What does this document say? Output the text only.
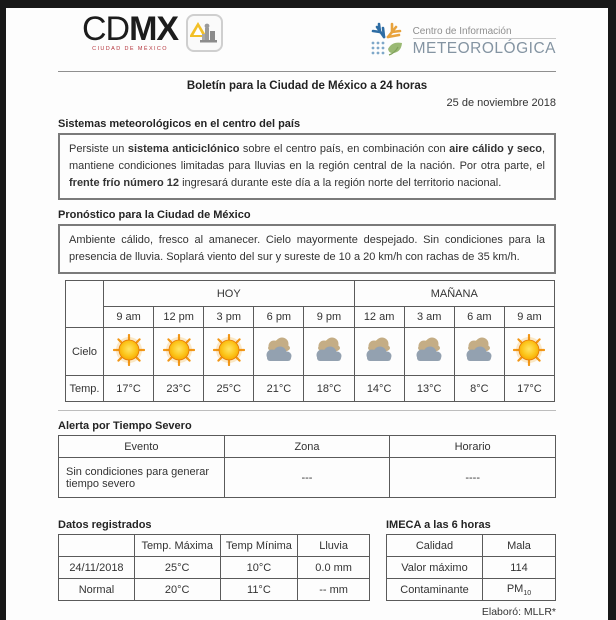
CDMX
CIUDAD DE MÉXICO
Centro de Información
METEOROLÓGICA
Boletín para la Ciudad de México a 24 horas
25 de noviembre 2018
Sistemas meteorológicos en el centro del país
Persiste un sistema anticiclónico sobre el centro país, en combinación con aire cálido y seco, mantiene condiciones limitadas para lluvias en la región central de la nación. Por otra parte, el frente frío número 12 ingresará durante este día a la región norte del territorio nacional.
Pronóstico para la Ciudad de México
Ambiente cálido, fresco al amanecer. Cielo mayormente despejado. Sin condiciones para la presencia de lluvia. Soplará viento del sur y sureste de 10 a 20 km/h con rachas de 35 km/h.
	HOY					MAÑANA			
	9 am	12 pm	3 pm	6 pm	9 pm	12 am	3 am	6 am	9 am
Cielo									
Temp.	17°C	23°C	25°C	21°C	18°C	14°C	13°C	8°C	17°C
Alerta por Tiempo Severo
Evento	Zona	Horario
Sin condiciones para generar tiempo severo	---	----
Datos registrados
	Temp. Máxima	Temp Mínima	Lluvia
24/11/2018	25°C	10°C	0.0 mm
Normal	20°C	11°C	-- mm
IMECA a las 6 horas
Calidad	Mala
Valor máximo	114
Contaminante	$PM_{10}$
Elaboró: MLLR*
